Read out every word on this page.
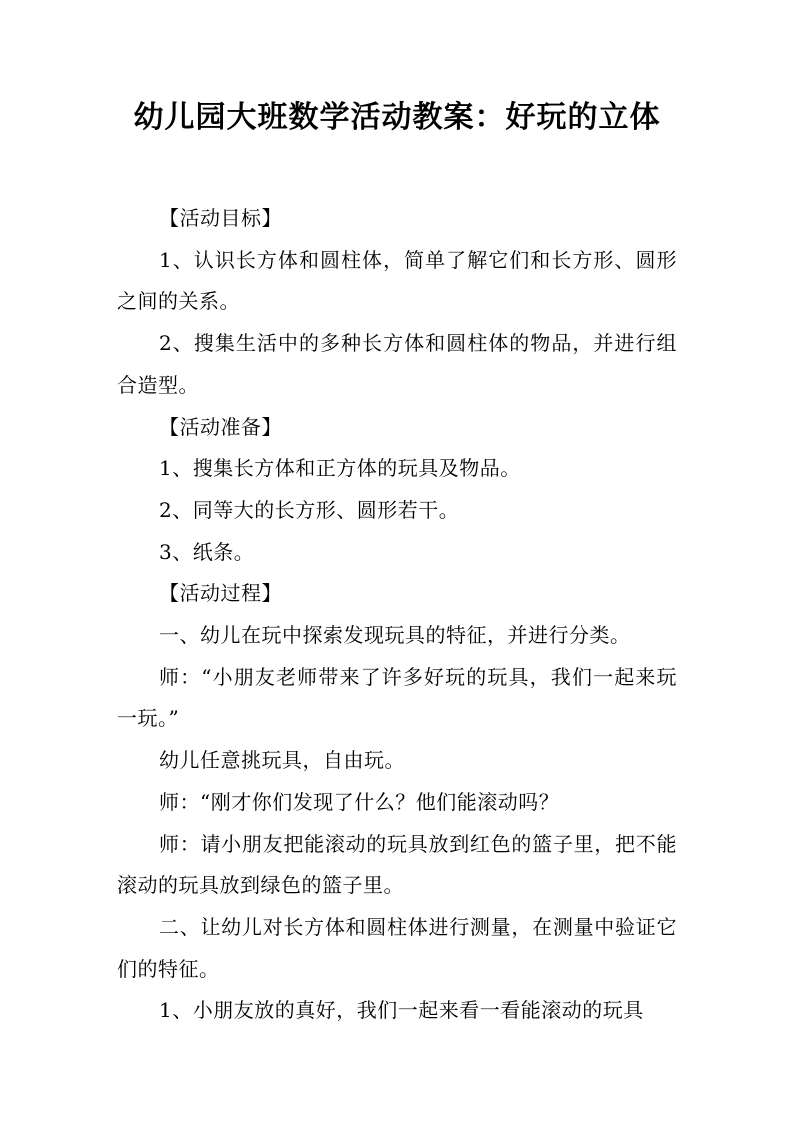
幼儿园大班数学活动教案：好玩的立体

【活动目标】

1、认识长方体和圆柱体，简单了解它们和长方形、圆形之间的关系。

2、搜集生活中的多种长方体和圆柱体的物品，并进行组合造型。

【活动准备】

1、搜集长方体和正方体的玩具及物品。

2、同等大的长方形、圆形若干。

3、纸条。

【活动过程】

一、幼儿在玩中探索发现玩具的特征，并进行分类。

师：“小朋友老师带来了许多好玩的玩具，我们一起来玩一玩。”

幼儿任意挑玩具，自由玩。

师：“刚才你们发现了什么？他们能滚动吗？

师：请小朋友把能滚动的玩具放到红色的篮子里，把不能滚动的玩具放到绿色的篮子里。

二、让幼儿对长方体和圆柱体进行测量，在测量中验证它们的特征。

1、小朋友放的真好，我们一起来看一看能滚动的玩具
